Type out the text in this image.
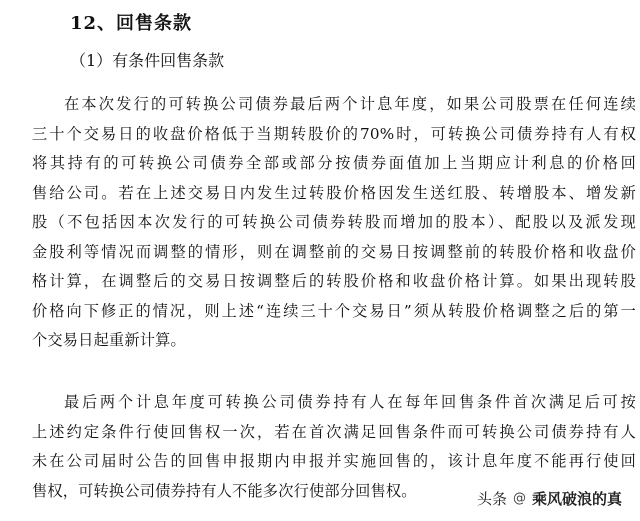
12、回售条款
（1）有条件回售条款
在本次发行的可转换公司债券最后两个计息年度，如果公司股票在任何连续
三十个交易日的收盘价格低于当期转股价的70%时，可转换公司债券持有人有权
将其持有的可转换公司债券全部或部分按债券面值加上当期应计利息的价格回
售给公司。若在上述交易日内发生过转股价格因发生送红股、转增股本、增发新
股（不包括因本次发行的可转换公司债券转股而增加的股本）、配股以及派发现
金股利等情况而调整的情形，则在调整前的交易日按调整前的转股价格和收盘价
格计算，在调整后的交易日按调整后的转股价格和收盘价格计算。如果出现转股
价格向下修正的情况，则上述“连续三十个交易日”须从转股价格调整之后的第一
个交易日起重新计算。
最后两个计息年度可转换公司债券持有人在每年回售条件首次满足后可按
上述约定条件行使回售权一次，若在首次满足回售条件而可转换公司债券持有人
未在公司届时公告的回售申报期内申报并实施回售的，该计息年度不能再行使回
售权，可转换公司债券持有人不能多次行使部分回售权。	头条 @ 乘风破浪的真
